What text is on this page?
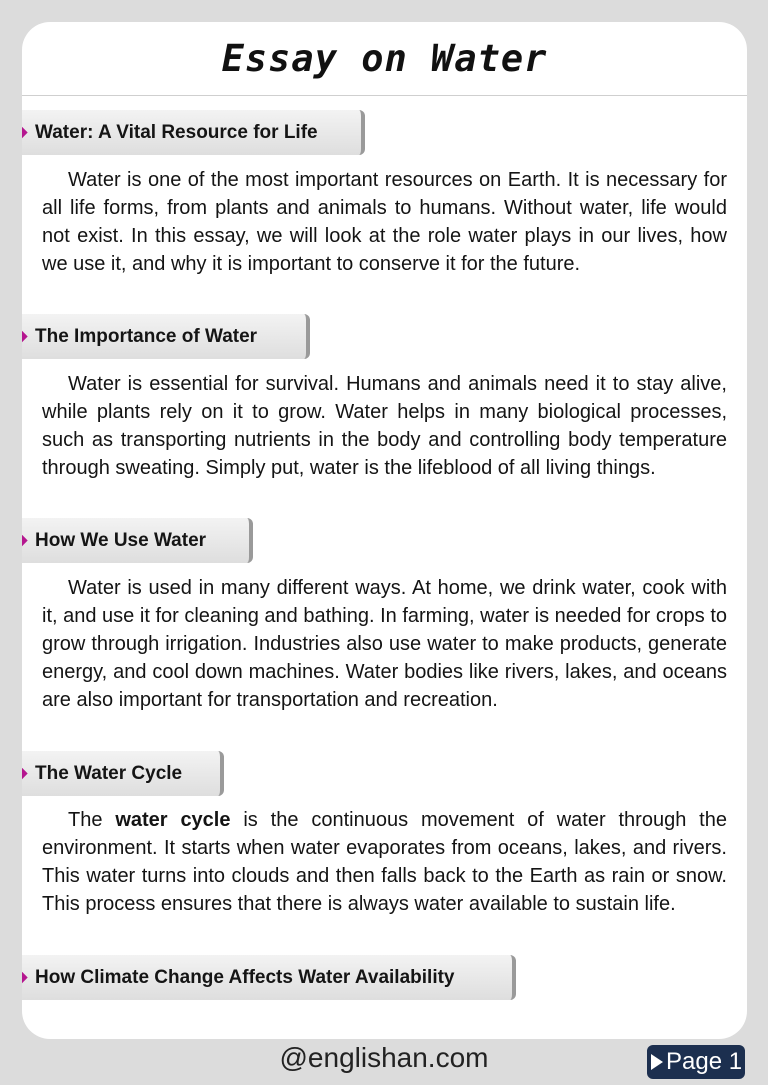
Essay on Water
Water: A Vital Resource for Life

Water is one of the most important resources on Earth. It is necessary for all life forms, from plants and animals to humans. Without water, life would not exist. In this essay, we will look at the role water plays in our lives, how we use it, and why it is important to conserve it for the future.

The Importance of Water

Water is essential for survival. Humans and animals need it to stay alive, while plants rely on it to grow. Water helps in many biological processes, such as transporting nutrients in the body and controlling body temperature through sweating. Simply put, water is the lifeblood of all living things.

How We Use Water

Water is used in many different ways. At home, we drink water, cook with it, and use it for cleaning and bathing. In farming, water is needed for crops to grow through irrigation. Industries also use water to make products, generate energy, and cool down machines. Water bodies like rivers, lakes, and oceans are also important for transportation and recreation.

The Water Cycle

The water cycle is the continuous movement of water through the environment. It starts when water evaporates from oceans, lakes, and rivers. This water turns into clouds and then falls back to the Earth as rain or snow. This process ensures that there is always water available to sustain life.

How Climate Change Affects Water Availability
@englishan.com	Page 1
